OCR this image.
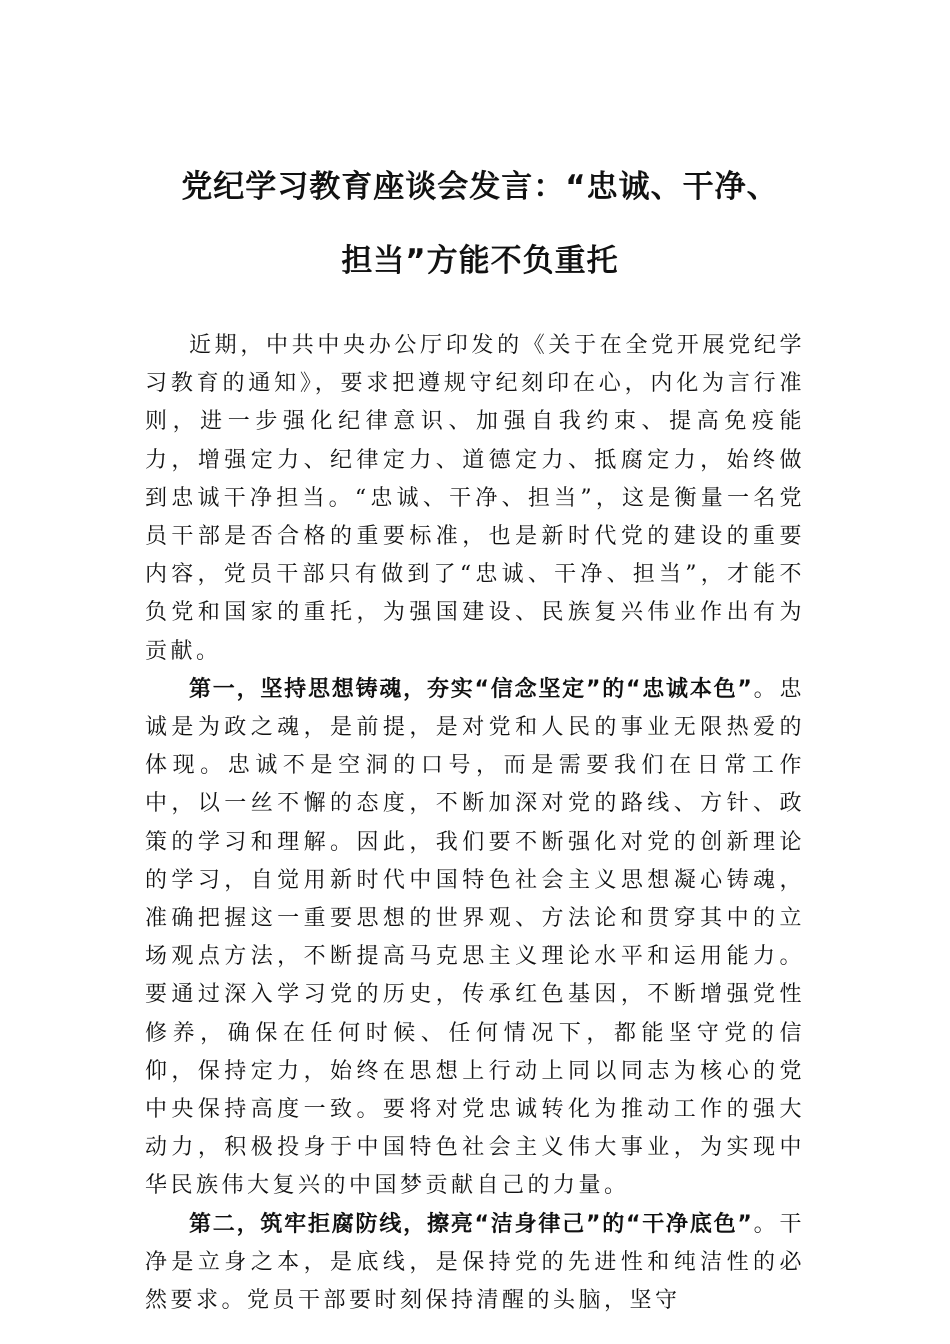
党纪学习教育座谈会发言：“忠诚、干净、
担当”方能不负重托

近期，中共中央办公厅印发的《关于在全党开展党纪学习教育的通知》，要求把遵规守纪刻印在心，内化为言行准则，进一步强化纪律意识、加强自我约束、提高免疫能力，增强定力、纪律定力、道德定力、抵腐定力，始终做到忠诚干净担当。“忠诚、干净、担当”，这是衡量一名党员干部是否合格的重要标准，也是新时代党的建设的重要内容，党员干部只有做到了“忠诚、干净、担当”，才能不负党和国家的重托，为强国建设、民族复兴伟业作出有为贡献。

第一，坚持思想铸魂，夯实“信念坚定”的“忠诚本色”。忠诚是为政之魂，是前提，是对党和人民的事业无限热爱的体现。忠诚不是空洞的口号，而是需要我们在日常工作中，以一丝不懈的态度，不断加深对党的路线、方针、政策的学习和理解。因此，我们要不断强化对党的创新理论的学习，自觉用新时代中国特色社会主义思想凝心铸魂，准确把握这一重要思想的世界观、方法论和贯穿其中的立场观点方法，不断提高马克思主义理论水平和运用能力。要通过深入学习党的历史，传承红色基因，不断增强党性修养，确保在任何时候、任何情况下，都能坚守党的信仰，保持定力，始终在思想上行动上同以同志为核心的党中央保持高度一致。要将对党忠诚转化为推动工作的强大动力，积极投身于中国特色社会主义伟大事业，为实现中华民族伟大复兴的中国梦贡献自己的力量。

第二，筑牢拒腐防线，擦亮“洁身律己”的“干净底色”。干净是立身之本，是底线，是保持党的先进性和纯洁性的必然要求。党员干部要时刻保持清醒的头脑，坚守
